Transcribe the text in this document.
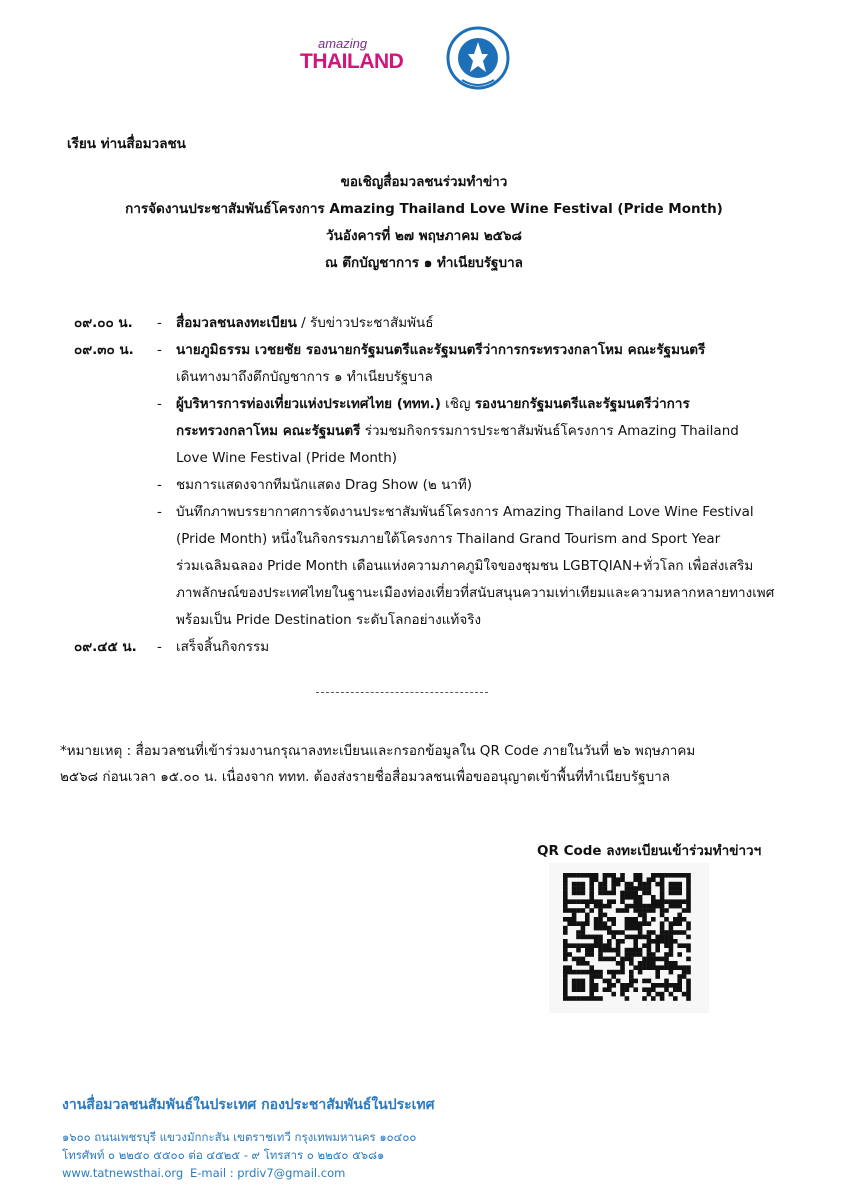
amazing
THAILAND
เรียน ท่านสื่อมวลชน
ขอเชิญสื่อมวลชนร่วมทำข่าว
การจัดงานประชาสัมพันธ์โครงการ Amazing Thailand Love Wine Festival (Pride Month)
วันอังคารที่ ๒๗ พฤษภาคม ๒๕๖๘
ณ ตึกบัญชาการ ๑ ทำเนียบรัฐบาล
๐๙.๐๐ น. - สื่อมวลชนลงทะเบียน / รับข่าวประชาสัมพันธ์
๐๙.๓๐ น. - นายภูมิธรรม เวชยชัย รองนายกรัฐมนตรีและรัฐมนตรีว่าการกระทรวงกลาโหม คณะรัฐมนตรี
เดินทางมาถึงตึกบัญชาการ ๑ ทำเนียบรัฐบาล
- ผู้บริหารการท่องเที่ยวแห่งประเทศไทย (ททท.) เชิญ รองนายกรัฐมนตรีและรัฐมนตรีว่าการ
กระทรวงกลาโหม คณะรัฐมนตรี ร่วมชมกิจกรรมการประชาสัมพันธ์โครงการ Amazing Thailand
Love Wine Festival (Pride Month)
- ชมการแสดงจากทีมนักแสดง Drag Show (๒ นาที)
- บันทึกภาพบรรยากาศการจัดงานประชาสัมพันธ์โครงการ Amazing Thailand Love Wine Festival
(Pride Month) หนึ่งในกิจกรรมภายใต้โครงการ Thailand Grand Tourism and Sport Year
ร่วมเฉลิมฉลอง Pride Month เดือนแห่งความภาคภูมิใจของชุมชน LGBTQIAN+ทั่วโลก เพื่อส่งเสริม
ภาพลักษณ์ของประเทศไทยในฐานะเมืองท่องเที่ยวที่สนับสนุนความเท่าเทียมและความหลากหลายทางเพศ
พร้อมเป็น Pride Destination ระดับโลกอย่างแท้จริง
๐๙.๔๕ น. - เสร็จสิ้นกิจกรรม
*หมายเหตุ : สื่อมวลชนที่เข้าร่วมงานกรุณาลงทะเบียนและกรอกข้อมูลใน QR Code ภายในวันที่ ๒๖ พฤษภาคม
๒๕๖๘ ก่อนเวลา ๑๕.๐๐ น. เนื่องจาก ททท. ต้องส่งรายชื่อสื่อมวลชนเพื่อขออนุญาตเข้าพื้นที่ทำเนียบรัฐบาล
QR Code ลงทะเบียนเข้าร่วมทำข่าวฯ
งานสื่อมวลชนสัมพันธ์ในประเทศ กองประชาสัมพันธ์ในประเทศ
๑๖๐๐ ถนนเพชรบุรี แขวงมักกะสัน เขตราชเทวี กรุงเทพมหานคร ๑๐๔๐๐
โทรศัพท์ ๐ ๒๒๕๐ ๕๕๐๐ ต่อ ๔๕๒๕ - ๙ โทรสาร ๐ ๒๒๕๐ ๕๖๘๑
www.tatnewsthai.org E-mail : prdiv7@gmail.com
